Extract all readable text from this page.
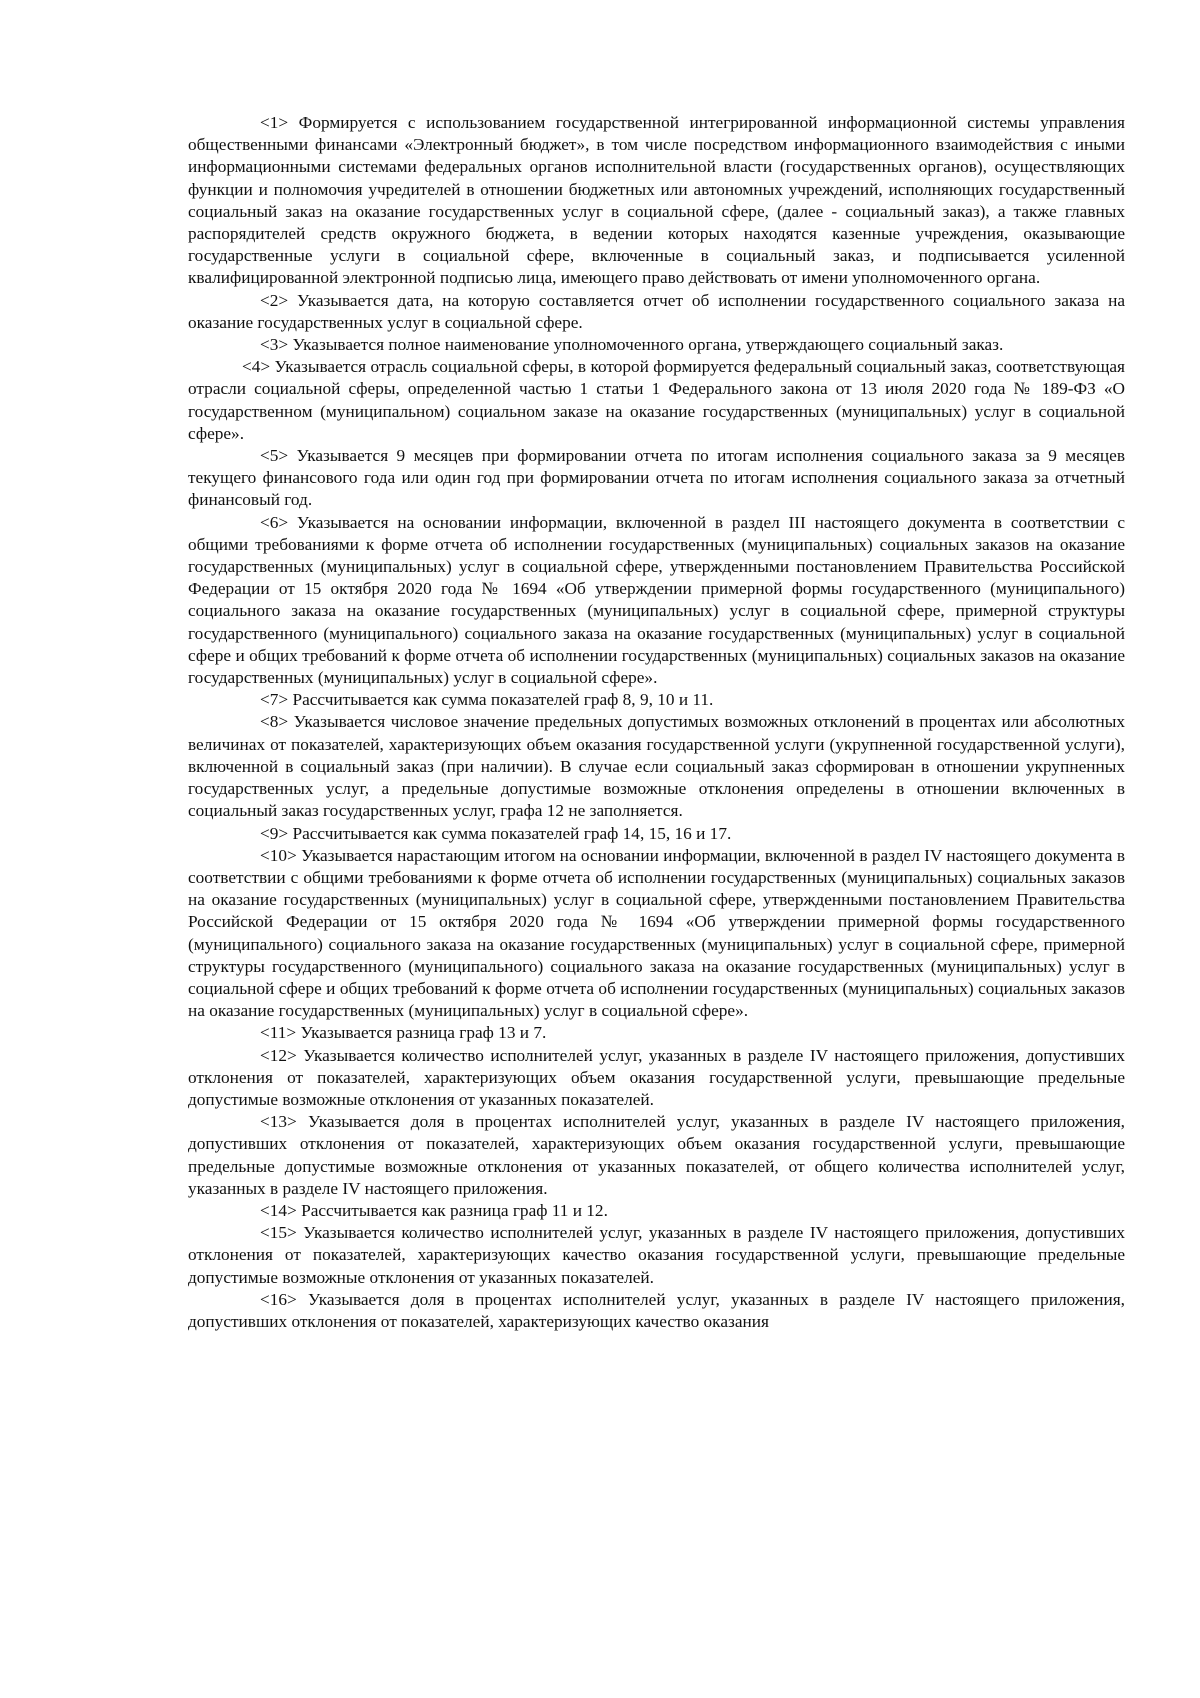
<1> Формируется с использованием государственной интегрированной информационной системы управления общественными финансами «Электронный бюджет», в том числе посредством информационного взаимодействия с иными информационными системами федеральных органов исполнительной власти (государственных органов), осуществляющих функции и полномочия учредителей в отношении бюджетных или автономных учреждений, исполняющих государственный социальный заказ на оказание государственных услуг в социальной сфере, (далее - социальный заказ), а также главных распорядителей средств окружного бюджета, в ведении которых находятся казенные учреждения, оказывающие государственные услуги в социальной сфере, включенные в социальный заказ, и подписывается усиленной квалифицированной электронной подписью лица, имеющего право действовать от имени уполномоченного органа.

<2> Указывается дата, на которую составляется отчет об исполнении государственного социального заказа на оказание государственных услуг в социальной сфере.

<3> Указывается полное наименование уполномоченного органа, утверждающего социальный заказ.

<4> Указывается отрасль социальной сферы, в которой формируется федеральный социальный заказ, соответствующая отрасли социальной сферы, определенной частью 1 статьи 1 Федерального закона от 13 июля 2020 года № 189-ФЗ «О государственном (муниципальном) социальном заказе на оказание государственных (муниципальных) услуг в социальной сфере».

<5> Указывается 9 месяцев при формировании отчета по итогам исполнения социального заказа за 9 месяцев текущего финансового года или один год при формировании отчета по итогам исполнения социального заказа за отчетный финансовый год.

<6> Указывается на основании информации, включенной в раздел III настоящего документа в соответствии с общими требованиями к форме отчета об исполнении государственных (муниципальных) социальных заказов на оказание государственных (муниципальных) услуг в социальной сфере, утвержденными постановлением Правительства Российской Федерации от 15 октября 2020 года № 1694 «Об утверждении примерной формы государственного (муниципального) социального заказа на оказание государственных (муниципальных) услуг в социальной сфере, примерной структуры государственного (муниципального) социального заказа на оказание государственных (муниципальных) услуг в социальной сфере и общих требований к форме отчета об исполнении государственных (муниципальных) социальных заказов на оказание государственных (муниципальных) услуг в социальной сфере».

<7> Рассчитывается как сумма показателей граф 8, 9, 10 и 11.

<8> Указывается числовое значение предельных допустимых возможных отклонений в процентах или абсолютных величинах от показателей, характеризующих объем оказания государственной услуги (укрупненной государственной услуги), включенной в социальный заказ (при наличии). В случае если социальный заказ сформирован в отношении укрупненных государственных услуг, а предельные допустимые возможные отклонения определены в отношении включенных в социальный заказ государственных услуг, графа 12 не заполняется.

<9> Рассчитывается как сумма показателей граф 14, 15, 16 и 17.

<10> Указывается нарастающим итогом на основании информации, включенной в раздел IV настоящего документа в соответствии с общими требованиями к форме отчета об исполнении государственных (муниципальных) социальных заказов на оказание государственных (муниципальных) услуг в социальной сфере, утвержденными постановлением Правительства Российской Федерации от 15 октября 2020 года № 1694 «Об утверждении примерной формы государственного (муниципального) социального заказа на оказание государственных (муниципальных) услуг в социальной сфере, примерной структуры государственного (муниципального) социального заказа на оказание государственных (муниципальных) услуг в социальной сфере и общих требований к форме отчета об исполнении государственных (муниципальных) социальных заказов на оказание государственных (муниципальных) услуг в социальной сфере».

<11> Указывается разница граф 13 и 7.

<12> Указывается количество исполнителей услуг, указанных в разделе IV настоящего приложения, допустивших отклонения от показателей, характеризующих объем оказания государственной услуги, превышающие предельные допустимые возможные отклонения от указанных показателей.

<13> Указывается доля в процентах исполнителей услуг, указанных в разделе IV настоящего приложения, допустивших отклонения от показателей, характеризующих объем оказания государственной услуги, превышающие предельные допустимые возможные отклонения от указанных показателей, от общего количества исполнителей услуг, указанных в разделе IV настоящего приложения.

<14> Рассчитывается как разница граф 11 и 12.

<15> Указывается количество исполнителей услуг, указанных в разделе IV настоящего приложения, допустивших отклонения от показателей, характеризующих качество оказания государственной услуги, превышающие предельные допустимые возможные отклонения от указанных показателей.

<16> Указывается доля в процентах исполнителей услуг, указанных в разделе IV настоящего приложения, допустивших отклонения от показателей, характеризующих качество оказания
